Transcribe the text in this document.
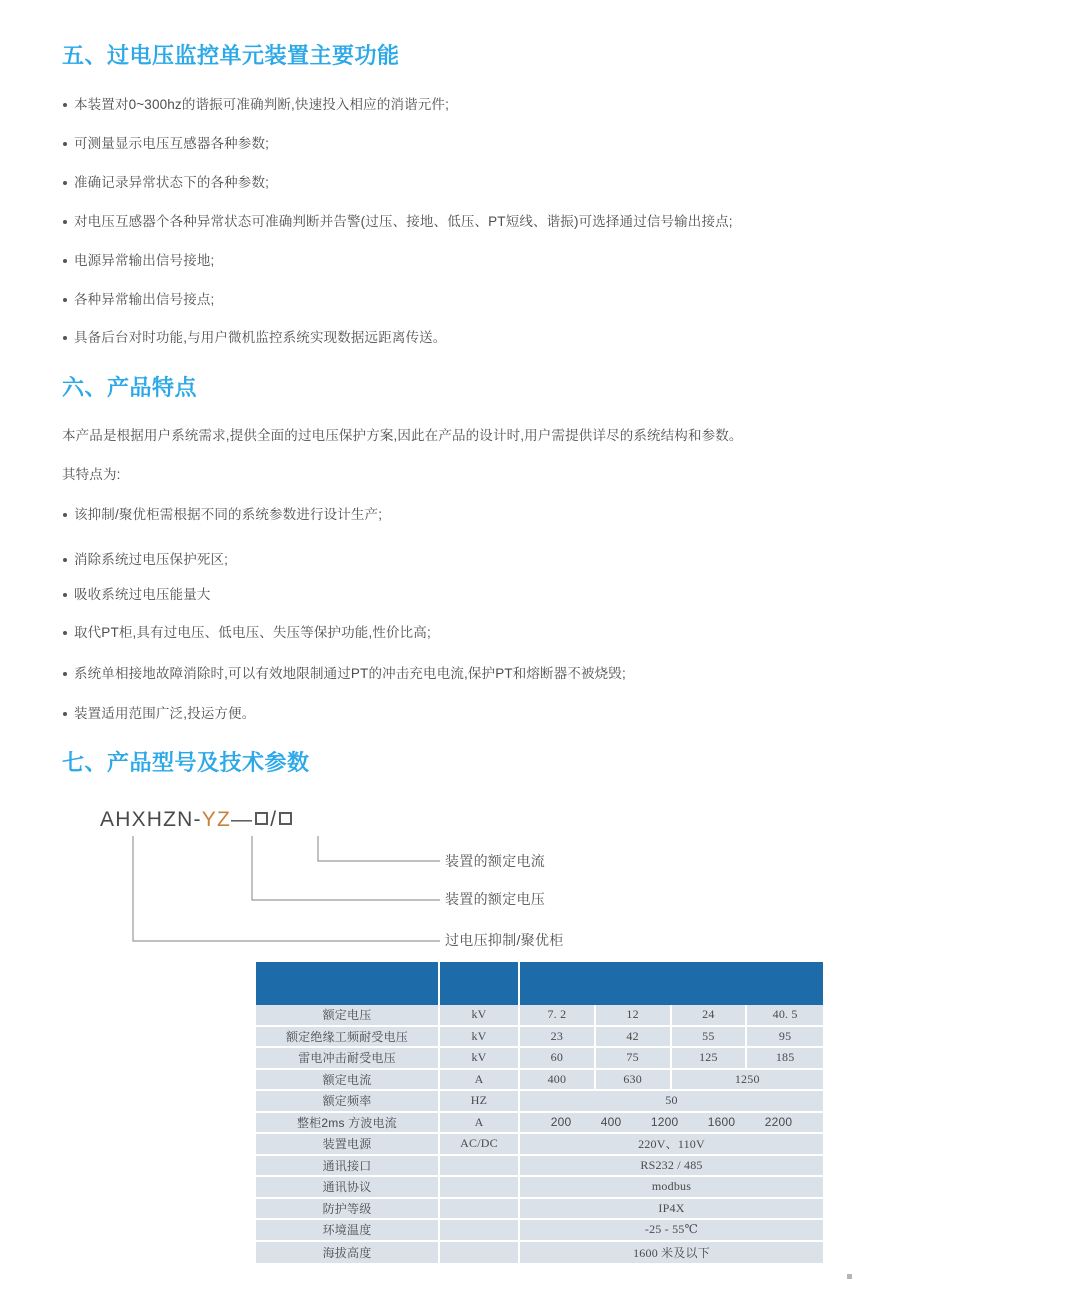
五、过电压监控单元装置主要功能
本装置对0~300hz的谐振可准确判断,快速投入相应的消谐元件;
可测量显示电压互感器各种参数;
准确记录异常状态下的各种参数;
对电压互感器个各种异常状态可准确判断并告警(过压、接地、低压、PT短线、谐振)可选择通过信号输出接点;
电源异常输出信号接地;
各种异常输出信号接点;
具备后台对时功能,与用户微机监控系统实现数据远距离传送。
六、产品特点
本产品是根据用户系统需求,提供全面的过电压保护方案,因此在产品的设计时,用户需提供详尽的系统结构和参数。
其特点为:
该抑制/聚优柜需根据不同的系统参数进行设计生产;
消除系统过电压保护死区;
吸收系统过电压能量大
取代PT柜,具有过电压、低电压、失压等保护功能,性价比高;
系统单相接地故障消除时,可以有效地限制通过PT的冲击充电电流,保护PT和熔断器不被烧毁;
装置适用范围广泛,投运方便。
七、产品型号及技术参数
AHXHZN-YZ— /
装置的额定电流
装置的额定电压
过电压抑制/聚优柜

额定电压	kV	7. 2	12	24	40. 5
额定绝缘工频耐受电压	kV	23	42	55	95
雷电冲击耐受电压	kV	60	75	125	185
额定电流	A	400	630	1250	
额定频率	HZ	50			
整柜2ms 方波电流	A	200 400 1200 1600 2200			

装置电源	AC/DC	220V、110V			
通讯接口		RS232 / 485			
通讯协议		modbus			
防护等级		IP4X			
环境温度		-25 - 55℃			
海拔高度		1600 米及以下			
